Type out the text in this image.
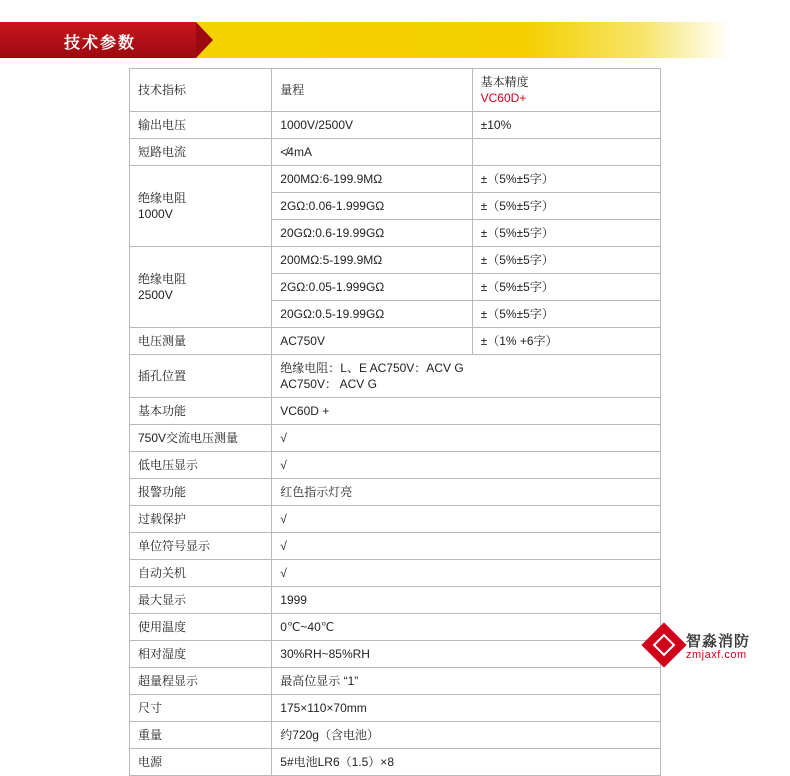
技术参数
技术指标	量程	基本精度
VC60D+

输出电压	1000V/2500V	±10%
短路电流	≮4mA	

绝缘电阻
1000V	200MΩ:6-199.9MΩ	±（5%±5字）
	2GΩ:0.06-1.999GΩ	±（5%±5字）
	20GΩ:0.6-19.99GΩ	±（5%±5字）

绝缘电阻
2500V	200MΩ:5-199.9MΩ	±（5%±5字）
	2GΩ:0.05-1.999GΩ	±（5%±5字）
	20GΩ:0.5-19.99GΩ	±（5%±5字）
电压测量	AC750V	±（1% +6字）
插孔位置	绝缘电阻：L、E AC750V：ACV G
AC750V： ACV G	

基本功能	VC60D +	
750V交流电压测量	√	
低电压显示	√	
报警功能	红色指示灯亮	
过载保护	√	
单位符号显示	√	
自动关机	√	
最大显示	1999	
使用温度	0℃~40℃	
相对湿度	30%RH~85%RH	
超量程显示	最高位显示 “1”	
尺寸	175×110×70mm	
重量	约720g（含电池）	
电源	5#电池LR6（1.5）×8	
智淼消防
zmjaxf.com
